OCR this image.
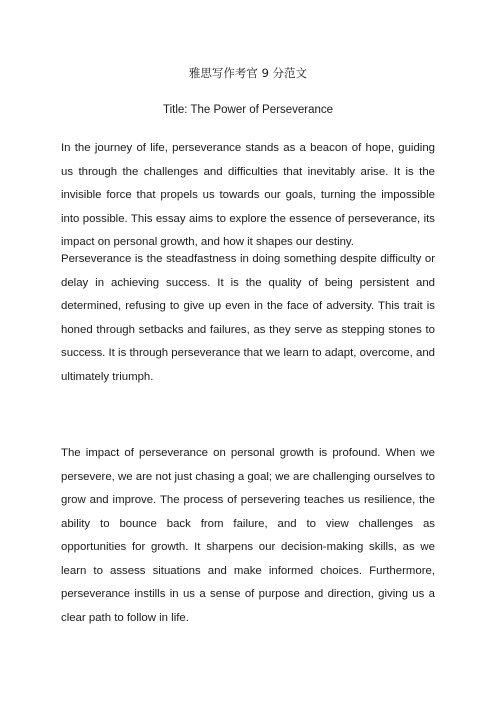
雅思写作考官 9 分范文

Title: The Power of Perseverance

In the journey of life, perseverance stands as a beacon of hope, guiding us through the challenges and difficulties that inevitably arise. It is the invisible force that propels us towards our goals, turning the impossible into possible. This essay aims to explore the essence of perseverance, its impact on personal growth, and how it shapes our destiny.

Perseverance is the steadfastness in doing something despite difficulty or delay in achieving success. It is the quality of being persistent and determined, refusing to give up even in the face of adversity. This trait is honed through setbacks and failures, as they serve as stepping stones to success. It is through perseverance that we learn to adapt, overcome, and ultimately triumph.

The impact of perseverance on personal growth is profound. When we persevere, we are not just chasing a goal; we are challenging ourselves to grow and improve. The process of persevering teaches us resilience, the ability to bounce back from failure, and to view challenges as opportunities for growth. It sharpens our decision-making skills, as we learn to assess situations and make informed choices. Furthermore, perseverance instills in us a sense of purpose and direction, giving us a clear path to follow in life.
